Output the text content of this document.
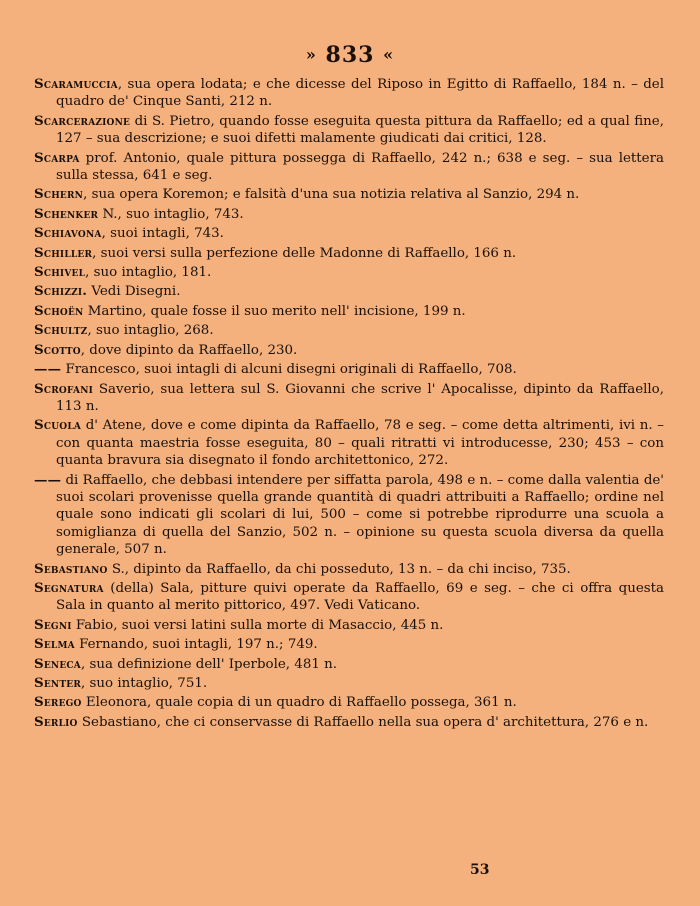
» 833 «
Scaramuccia, sua opera lodata; e che dicesse del Riposo in Egitto di Raffaello, 184 n. – del quadro de' Cinque Santi, 212 n.
Scarcerazione di S. Pietro, quando fosse eseguita questa pittura da Raffaello; ed a qual fine, 127 – sua descrizione; e suoi difetti malamente giudicati dai critici, 128.
Scarpa prof. Antonio, quale pittura possegga di Raffaello, 242 n.; 638 e seg. – sua lettera sulla stessa, 641 e seg.
Schern, sua opera Koremon; e falsità d'una sua notizia relativa al Sanzio, 294 n.
Schenker N., suo intaglio, 743.
Schiavona, suoi intagli, 743.
Schiller, suoi versi sulla perfezione delle Madonne di Raffaello, 166 n.
Schivel, suo intaglio, 181.
Schizzi. Vedi Disegni.
Schoën Martino, quale fosse il suo merito nell' incisione, 199 n.
Schultz, suo intaglio, 268.
Scotto, dove dipinto da Raffaello, 230.
—— Francesco, suoi intagli di alcuni disegni originali di Raffaello, 708.
Scrofani Saverio, sua lettera sul S. Giovanni che scrive l' Apocalisse, dipinto da Raffaello, 113 n.
Scuola d' Atene, dove e come dipinta da Raffaello, 78 e seg. – come detta altrimenti, ivi n. – con quanta maestria fosse eseguita, 80 – quali ritratti vi introducesse, 230; 453 – con quanta bravura sia disegnato il fondo architettonico, 272.
—— di Raffaello, che debbasi intendere per siffatta parola, 498 e n. – come dalla valentia de' suoi scolari provenisse quella grande quantità di quadri attribuiti a Raffaello; ordine nel quale sono indicati gli scolari di lui, 500 – come si potrebbe riprodurre una scuola a somiglianza di quella del Sanzio, 502 n. – opinione su questa scuola diversa da quella generale, 507 n.
Sebastiano S., dipinto da Raffaello, da chi posseduto, 13 n. – da chi inciso, 735.
Segnatura (della) Sala, pitture quivi operate da Raffaello, 69 e seg. – che ci offra questa Sala in quanto al merito pittorico, 497. Vedi Vaticano.
Segni Fabio, suoi versi latini sulla morte di Masaccio, 445 n.
Selma Fernando, suoi intagli, 197 n.; 749.
Seneca, sua definizione dell' Iperbole, 481 n.
Senter, suo intaglio, 751.
Serego Eleonora, quale copia di un quadro di Raffaello possega, 361 n.
Serlio Sebastiano, che ci conservasse di Raffaello nella sua opera d' architettura, 276 e n.
53
